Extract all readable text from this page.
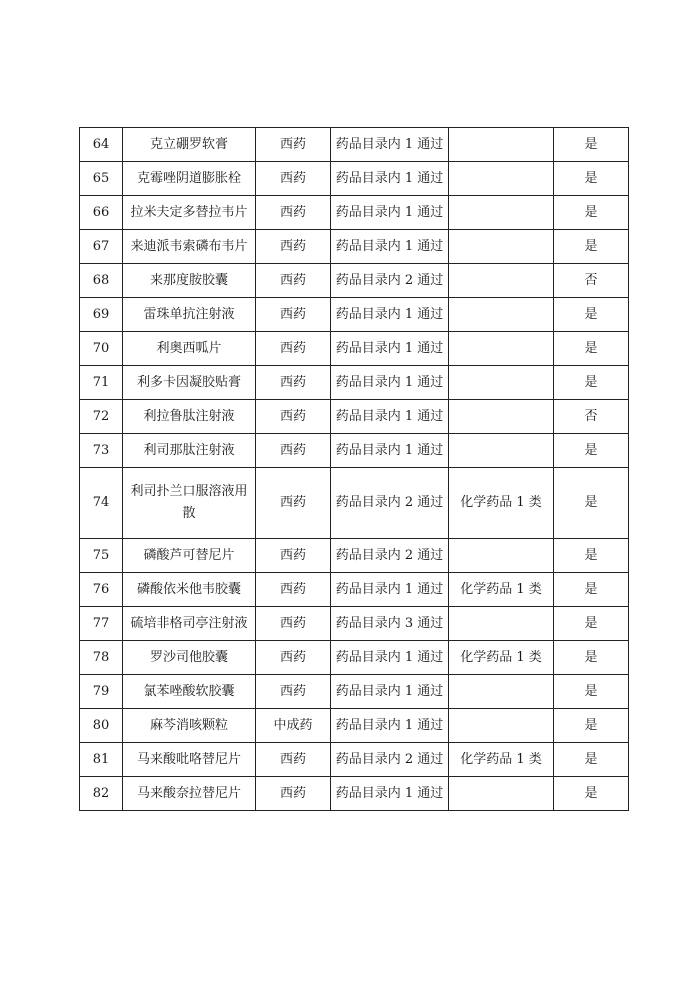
64	克立硼罗软膏	西药	药品目录内 1 通过		是
65	克霉唑阴道膨胀栓	西药	药品目录内 1 通过		是
66	拉米夫定多替拉韦片	西药	药品目录内 1 通过		是
67	来迪派韦索磷布韦片	西药	药品目录内 1 通过		是
68	来那度胺胶囊	西药	药品目录内 2 通过		否
69	雷珠单抗注射液	西药	药品目录内 1 通过		是
70	利奥西呱片	西药	药品目录内 1 通过		是
71	利多卡因凝胶贴膏	西药	药品目录内 1 通过		是
72	利拉鲁肽注射液	西药	药品目录内 1 通过		否
73	利司那肽注射液	西药	药品目录内 1 通过		是
74	利司扑兰口服溶液用散	西药	药品目录内 2 通过	化学药品 1 类	是
75	磷酸芦可替尼片	西药	药品目录内 2 通过		是
76	磷酸依米他韦胶囊	西药	药品目录内 1 通过	化学药品 1 类	是
77	硫培非格司亭注射液	西药	药品目录内 3 通过		是
78	罗沙司他胶囊	西药	药品目录内 1 通过	化学药品 1 类	是
79	氯苯唑酸软胶囊	西药	药品目录内 1 通过		是
80	麻芩消咳颗粒	中成药	药品目录内 1 通过		是
81	马来酸吡咯替尼片	西药	药品目录内 2 通过	化学药品 1 类	是
82	马来酸奈拉替尼片	西药	药品目录内 1 通过		是
